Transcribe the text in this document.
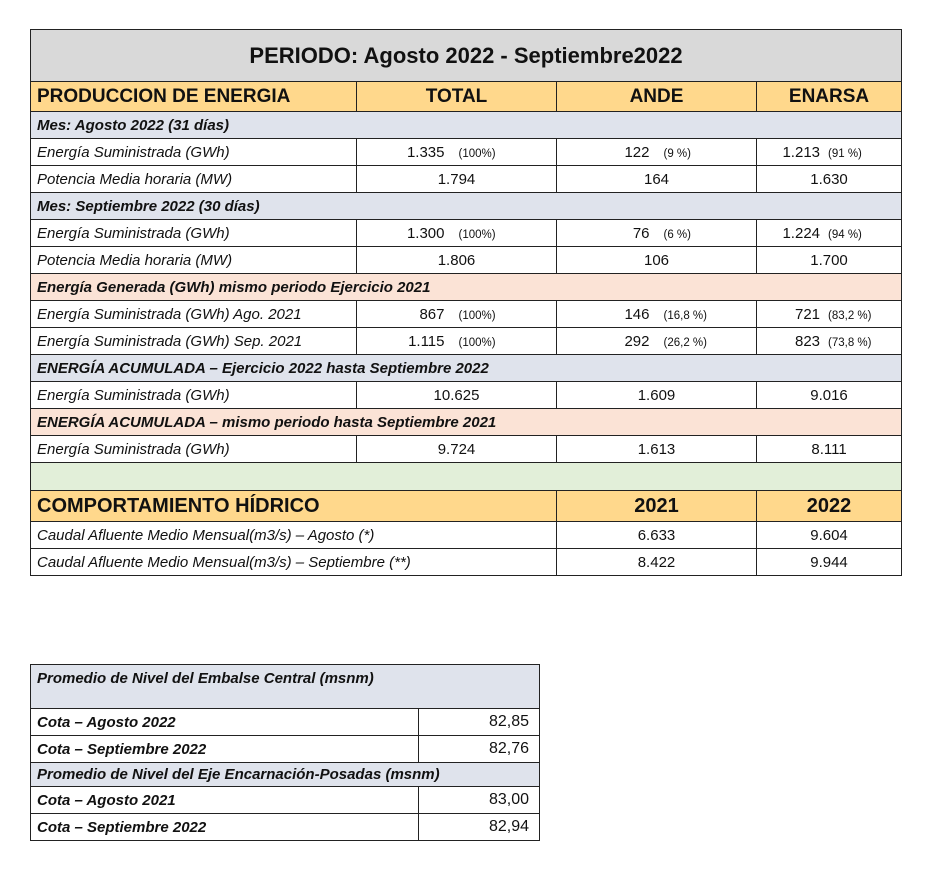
PERIODO: Agosto 2022 - Septiembre2022			
PRODUCCION DE ENERGIA	TOTAL	ANDE	ENARSA
Mes: Agosto 2022 (31 días)			
Energía Suministrada (GWh)	1.335 (100%)	122 (9 %)	1.213 (91 %)
Potencia Media horaria (MW)	1.794	164	1.630
Mes: Septiembre 2022 (30 días)			
Energía Suministrada (GWh)	1.300 (100%)	76 (6 %)	1.224 (94 %)
Potencia Media horaria (MW)	1.806	106	1.700
Energía Generada (GWh) mismo periodo Ejercicio 2021			
Energía Suministrada (GWh) Ago. 2021	867 (100%)	146 (16,8 %)	721 (83,2 %)
Energía Suministrada (GWh) Sep. 2021	1.115 (100%)	292 (26,2 %)	823 (73,8 %)
ENERGÍA ACUMULADA – Ejercicio 2022 hasta Septiembre 2022			
Energía Suministrada (GWh)	10.625	1.609	9.016
ENERGÍA ACUMULADA – mismo periodo hasta Septiembre 2021			
Energía Suministrada (GWh)	9.724	1.613	8.111

COMPORTAMIENTO HÍDRICO		2021	2022
Caudal Afluente Medio Mensual(m3/s) – Agosto (*)		6.633	9.604
Caudal Afluente Medio Mensual(m3/s) – Septiembre (**)		8.422	9.944
Promedio de Nivel del Embalse Central (msnm)	
Cota – Agosto 2022	82,85
Cota – Septiembre 2022	82,76
Promedio de Nivel del Eje Encarnación-Posadas (msnm)	
Cota – Agosto 2021	83,00
Cota – Septiembre 2022	82,94
